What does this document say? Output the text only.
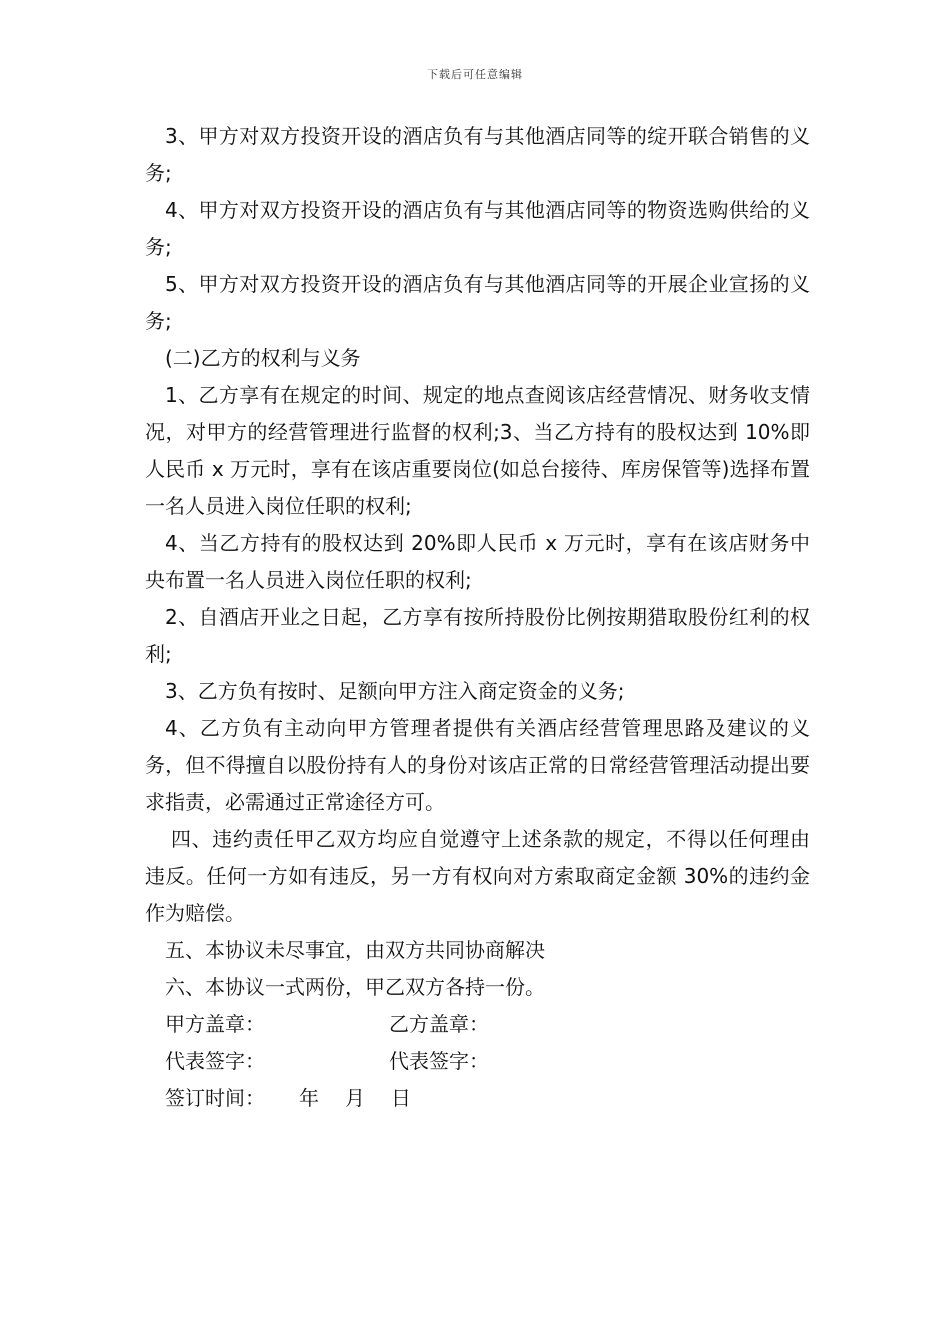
下载后可任意编辑

3、甲方对双方投资开设的酒店负有与其他酒店同等的绽开联合销售的义务;

4、甲方对双方投资开设的酒店负有与其他酒店同等的物资选购供给的义务;

5、甲方对双方投资开设的酒店负有与其他酒店同等的开展企业宣扬的义务;

(二)乙方的权利与义务

1、乙方享有在规定的时间、规定的地点查阅该店经营情况、财务收支情况，对甲方的经营管理进行监督的权利;3、当乙方持有的股权达到 10%即人民币 x 万元时，享有在该店重要岗位(如总台接待、库房保管等)选择布置一名人员进入岗位任职的权利;

4、当乙方持有的股权达到 20%即人民币 x 万元时，享有在该店财务中央布置一名人员进入岗位任职的权利;

2、自酒店开业之日起，乙方享有按所持股份比例按期猎取股份红利的权利;

3、乙方负有按时、足额向甲方注入商定资金的义务;

4、乙方负有主动向甲方管理者提供有关酒店经营管理思路及建议的义务，但不得擅自以股份持有人的身份对该店正常的日常经营管理活动提出要求指责，必需通过正常途径方可。

四、违约责任甲乙双方均应自觉遵守上述条款的规定，不得以任何理由违反。任何一方如有违反，另一方有权向对方索取商定金额 30%的违约金作为赔偿。

五、本协议未尽事宜，由双方共同协商解决

六、本协议一式两份，甲乙双方各持一份。

甲方盖章：	乙方盖章：
代表签字：	代表签字：
签订时间：	年	月	日
